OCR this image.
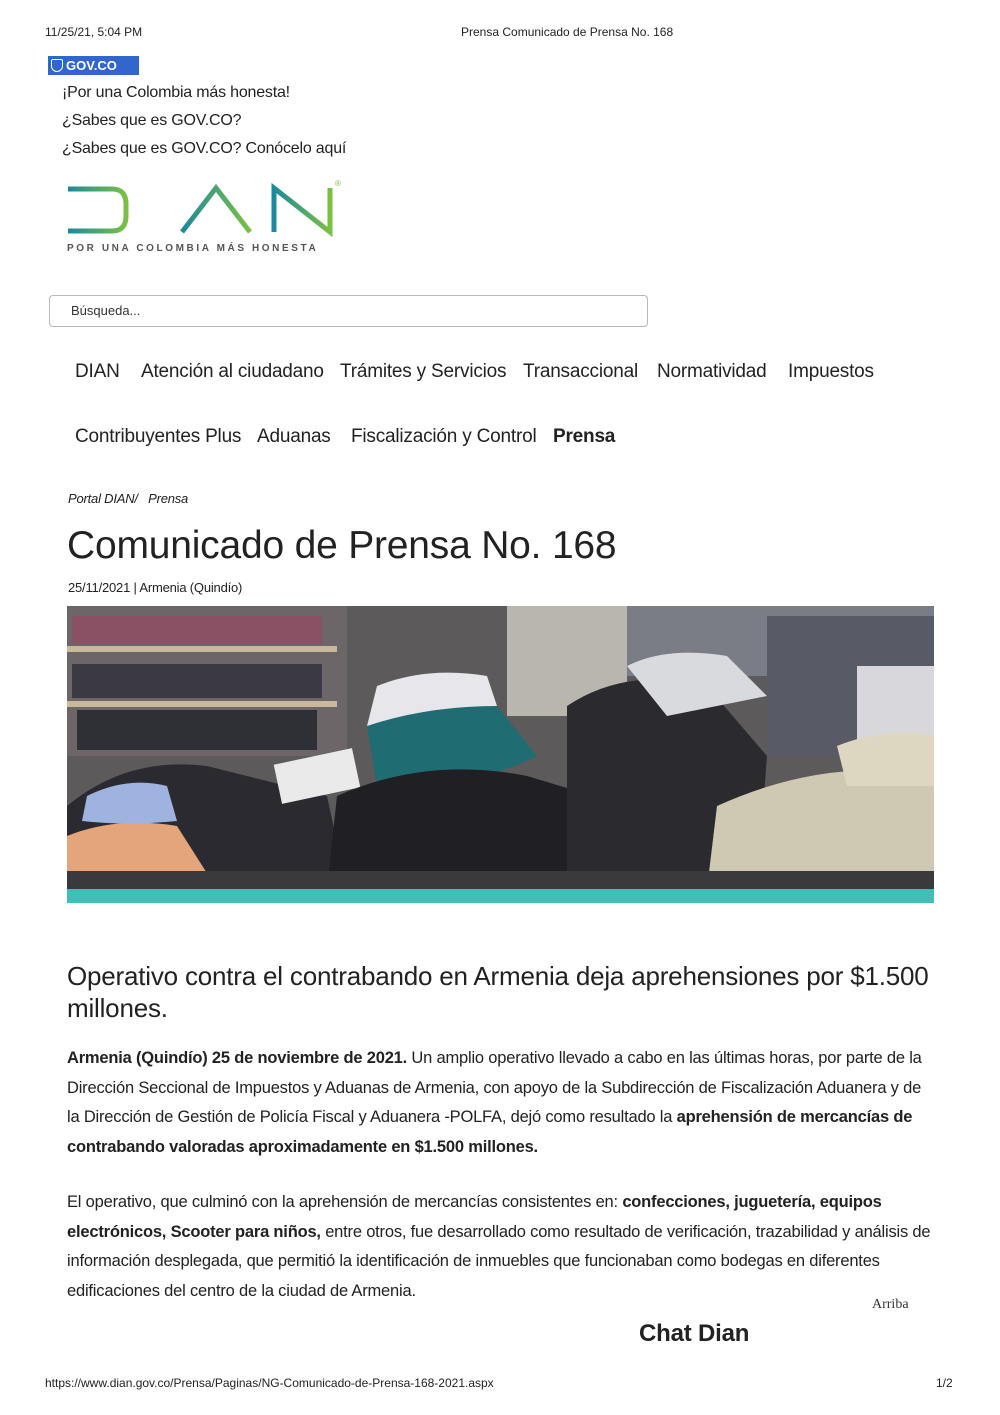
11/25/21, 5:04 PM	Prensa Comunicado de Prensa No. 168
GOV.CO
¡Por una Colombia más honesta!
¿Sabes que es GOV.CO?
¿Sabes que es GOV.CO? Conócelo aquí
®
POR UNA COLOMBIA MÁS HONESTA
Búsqueda...
DIAN Atención al ciudadano Trámites y Servicios Transaccional Normatividad Impuestos
Contribuyentes Plus Aduanas Fiscalización y Control Prensa
Portal DIAN/ Prensa
Comunicado de Prensa No. 168
25/11/2021 | Armenia (Quindío)
Operativo contra el contrabando en Armenia deja aprehensiones por $1.500 millones.

Armenia (Quindío) 25 de noviembre de 2021. Un amplio operativo llevado a cabo en las últimas horas, por parte de la Dirección Seccional de Impuestos y Aduanas de Armenia, con apoyo de la Subdirección de Fiscalización Aduanera y de la Dirección de Gestión de Policía Fiscal y Aduanera -POLFA, dejó como resultado la aprehensión de mercancías de contrabando valoradas aproximadamente en $1.500 millones.

El operativo, que culminó con la aprehensión de mercancías consistentes en: confecciones, juguetería, equipos electrónicos, Scooter para niños, entre otros, fue desarrollado como resultado de verificación, trazabilidad y análisis de información desplegada, que permitió la identificación de inmuebles que funcionaban como bodegas en diferentes edificaciones del centro de la ciudad de Armenia.

Arriba
Chat Dian
https://www.dian.gov.co/Prensa/Paginas/NG-Comunicado-de-Prensa-168-2021.aspx	1/2
